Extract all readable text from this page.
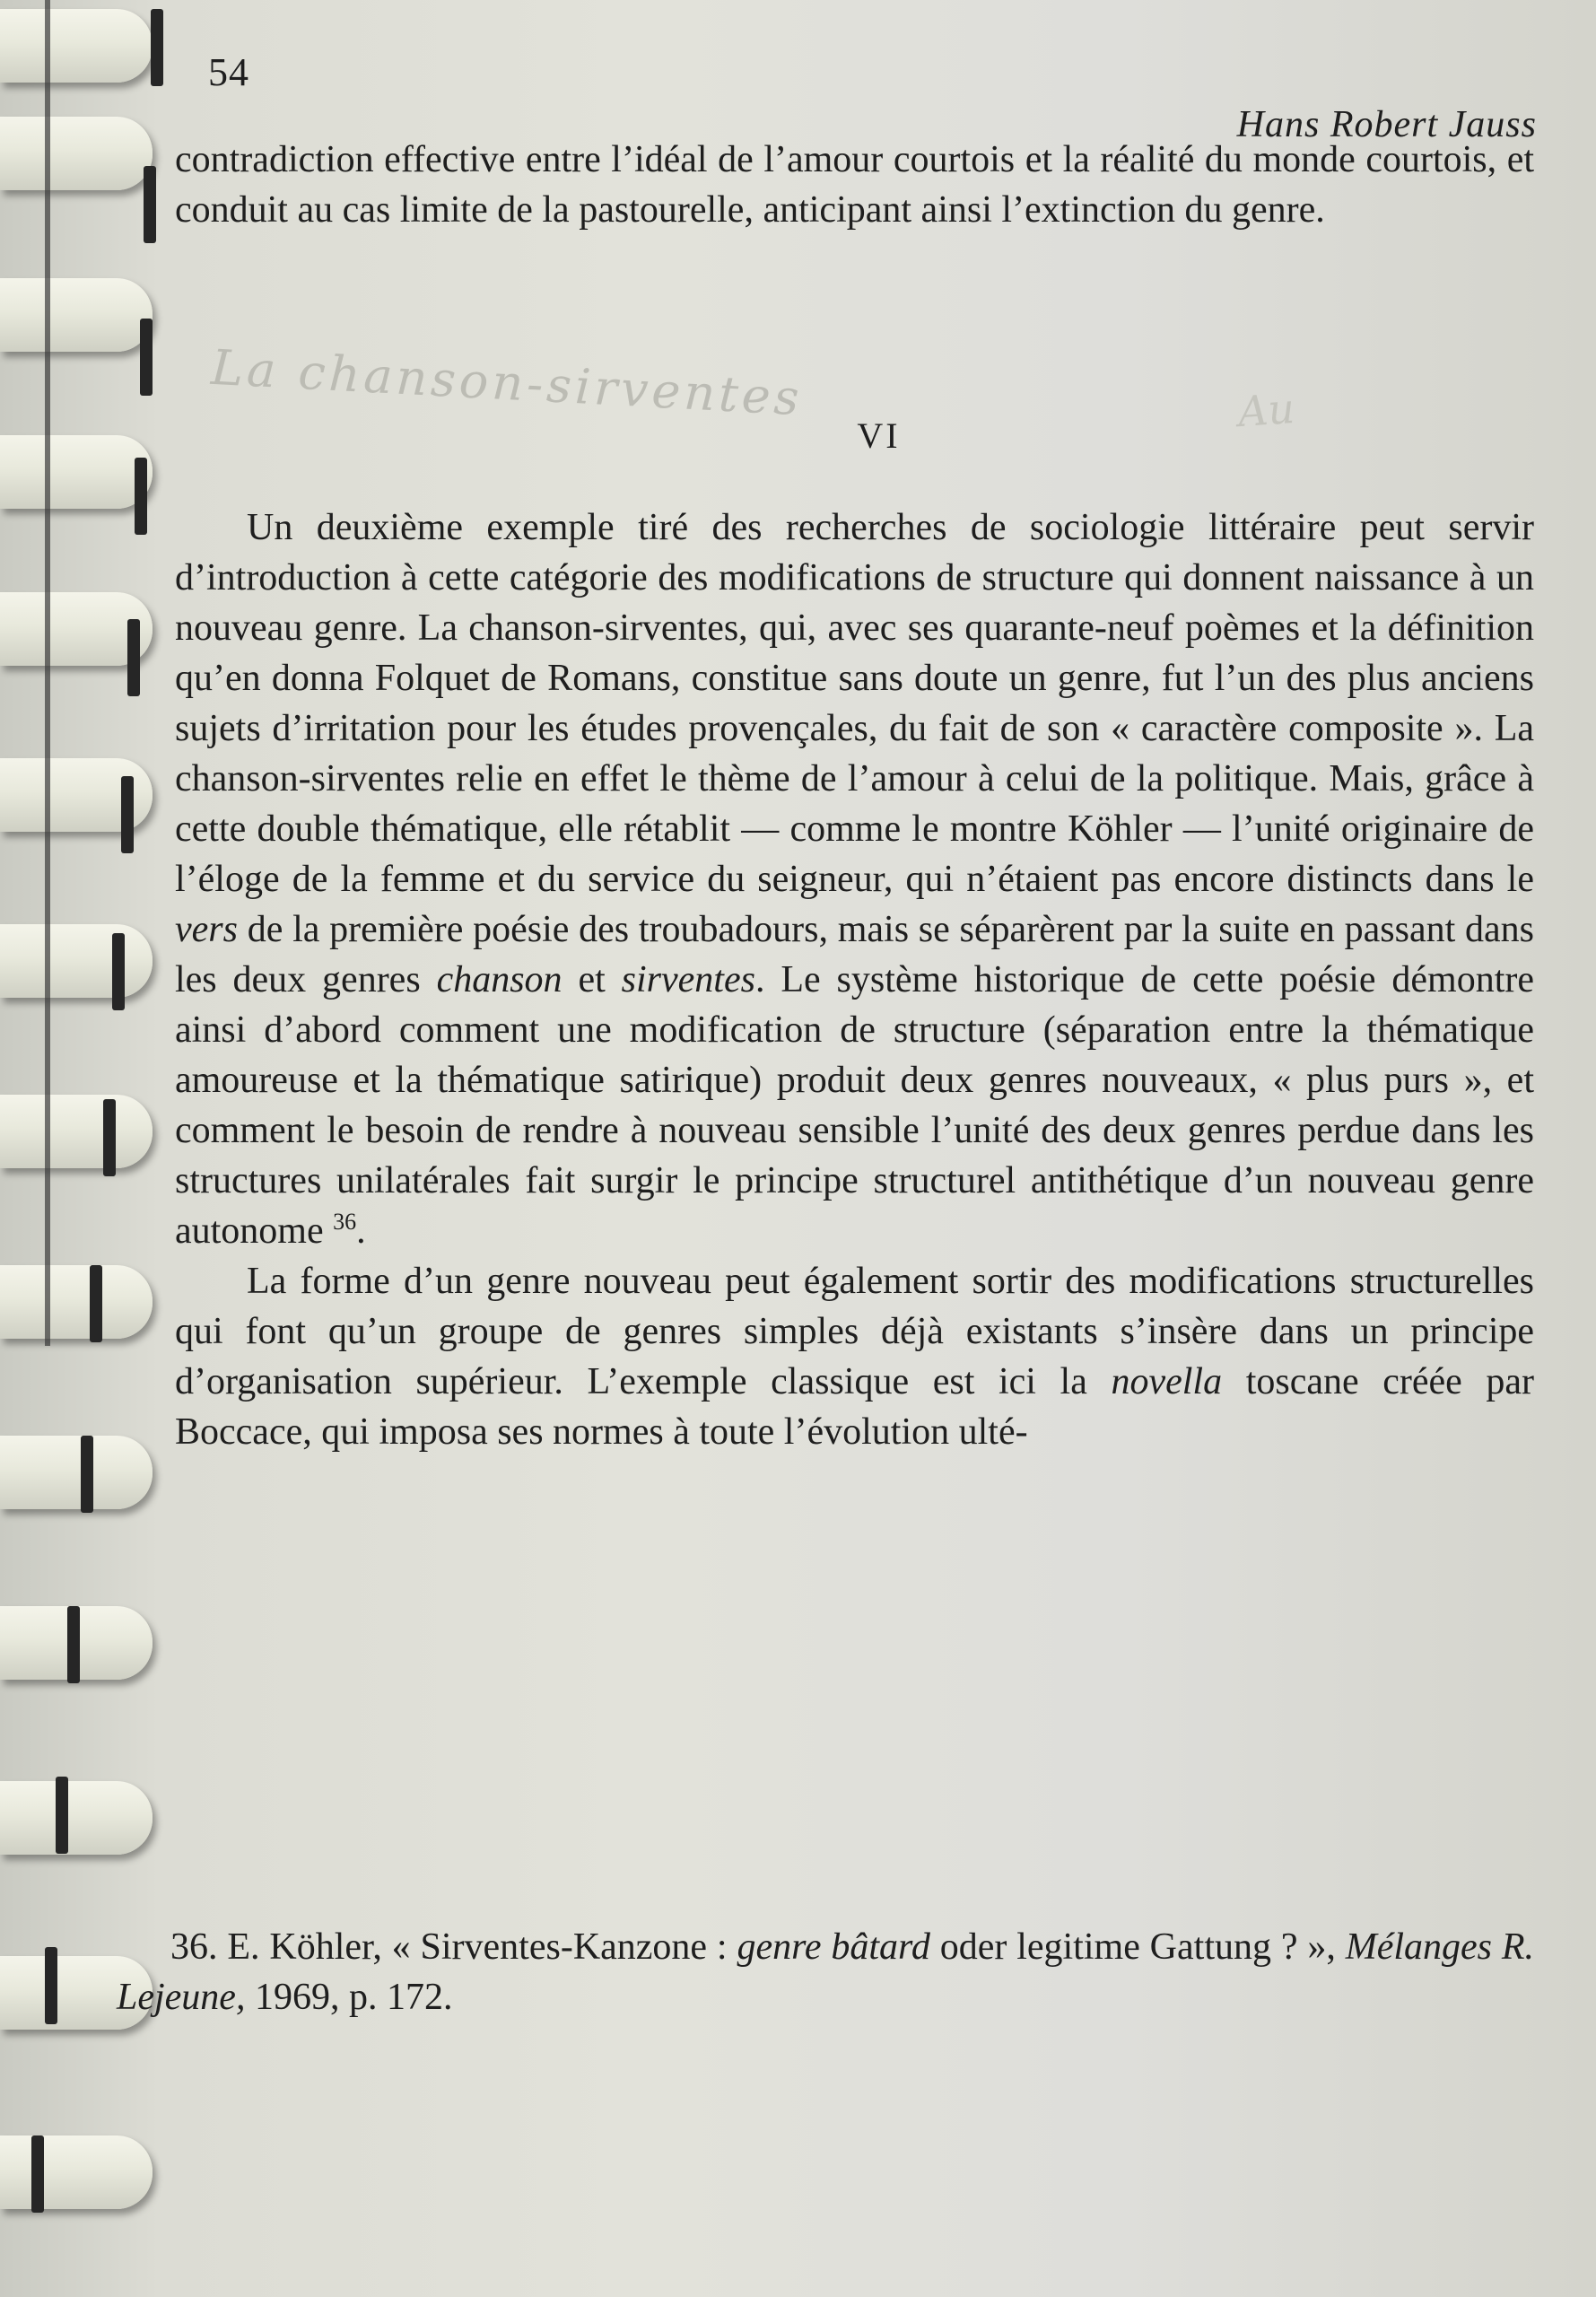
54
Hans Robert Jauss

contradiction effective entre l’idéal de l’amour courtois et la réalité du monde courtois, et conduit au cas limite de la pastourelle, anticipant ainsi l’extinction du genre.

La chanson-sirventes	Au
VI

Un deuxième exemple tiré des recherches de sociologie littéraire peut servir d’introduction à cette catégorie des modifications de structure qui donnent naissance à un nouveau genre. La chanson-sirventes, qui, avec ses quarante-neuf poèmes et la définition qu’en donna Folquet de Romans, constitue sans doute un genre, fut l’un des plus anciens sujets d’irritation pour les études provençales, du fait de son « caractère composite ». La chanson-sirventes relie en effet le thème de l’amour à celui de la politique. Mais, grâce à cette double thématique, elle rétablit — comme le montre Köhler — l’unité originaire de l’éloge de la femme et du service du seigneur, qui n’étaient pas encore distincts dans le vers de la première poésie des troubadours, mais se séparèrent par la suite en passant dans les deux genres chanson et sirventes. Le système historique de cette poésie démontre ainsi d’abord comment une modification de structure (séparation entre la thématique amoureuse et la thématique satirique) produit deux genres nouveaux, « plus purs », et comment le besoin de rendre à nouveau sensible l’unité des deux genres perdue dans les structures unilatérales fait surgir le principe structurel antithétique d’un nouveau genre autonome $^{36}$.

La forme d’un genre nouveau peut également sortir des modifications structurelles qui font qu’un groupe de genres simples déjà existants s’insère dans un principe d’organisation supérieur. L’exemple classique est ici la novella toscane créée par Boccace, qui imposa ses normes à toute l’évolution ulté-

36. E. Köhler, « Sirventes-Kanzone : genre bâtard oder legitime Gattung ? », Mélanges R. Lejeune, 1969, p. 172.
